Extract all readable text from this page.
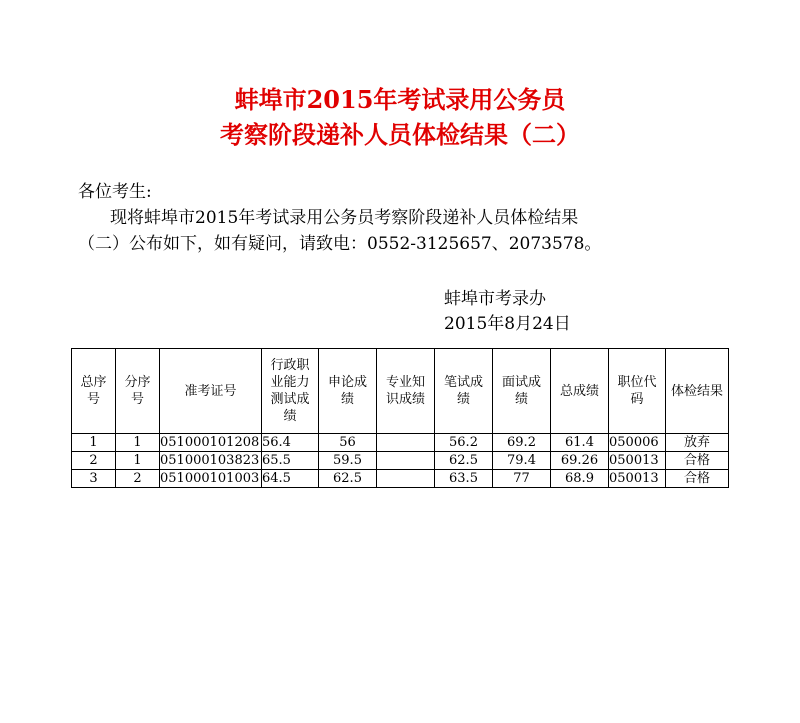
蚌埠市2015年考试录用公务员
考察阶段递补人员体检结果（二）
各位考生:
现将蚌埠市2015年考试录用公务员考察阶段递补人员体检结果
（二）公布如下，如有疑问，请致电：0552-3125657、2073578。
蚌埠市考录办
2015年8月24日
总序号	分序号	准考证号	行政职业能力测试成绩	申论成绩	专业知识成绩	笔试成绩	面试成绩	总成绩	职位代码	体检结果

1	1	051000101208	56.4	56		56.2	69.2	61.4	050006	放弃
2	1	051000103823	65.5	59.5		62.5	79.4	69.26	050013	合格
3	2	051000101003	64.5	62.5		63.5	77	68.9	050013	合格
